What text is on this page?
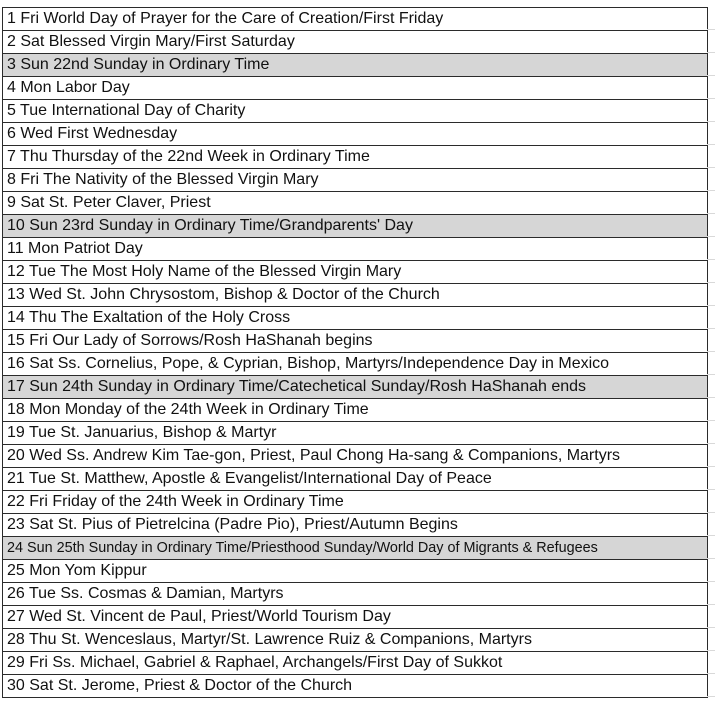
1 Fri World Day of Prayer for the Care of Creation/First Friday
2 Sat Blessed Virgin Mary/First Saturday
3 Sun 22nd Sunday in Ordinary Time
4 Mon Labor Day
5 Tue International Day of Charity
6 Wed First Wednesday
7 Thu Thursday of the 22nd Week in Ordinary Time
8 Fri The Nativity of the Blessed Virgin Mary
9 Sat St. Peter Claver, Priest
10 Sun 23rd Sunday in Ordinary Time/Grandparents' Day
11 Mon Patriot Day
12 Tue The Most Holy Name of the Blessed Virgin Mary
13 Wed St. John Chrysostom, Bishop & Doctor of the Church
14 Thu The Exaltation of the Holy Cross
15 Fri Our Lady of Sorrows/Rosh HaShanah begins
16 Sat Ss. Cornelius, Pope, & Cyprian, Bishop, Martyrs/Independence Day in Mexico
17 Sun 24th Sunday in Ordinary Time/Catechetical Sunday/Rosh HaShanah ends
18 Mon Monday of the 24th Week in Ordinary Time
19 Tue St. Januarius, Bishop & Martyr
20 Wed Ss. Andrew Kim Tae-gon, Priest, Paul Chong Ha-sang & Companions, Martyrs
21 Tue St. Matthew, Apostle & Evangelist/International Day of Peace
22 Fri Friday of the 24th Week in Ordinary Time
23 Sat St. Pius of Pietrelcina (Padre Pio), Priest/Autumn Begins
24 Sun 25th Sunday in Ordinary Time/Priesthood Sunday/World Day of Migrants & Refugees
25 Mon Yom Kippur
26 Tue Ss. Cosmas & Damian, Martyrs
27 Wed St. Vincent de Paul, Priest/World Tourism Day
28 Thu St. Wenceslaus, Martyr/St. Lawrence Ruiz & Companions, Martyrs
29 Fri Ss. Michael, Gabriel & Raphael, Archangels/First Day of Sukkot
30 Sat St. Jerome, Priest & Doctor of the Church
